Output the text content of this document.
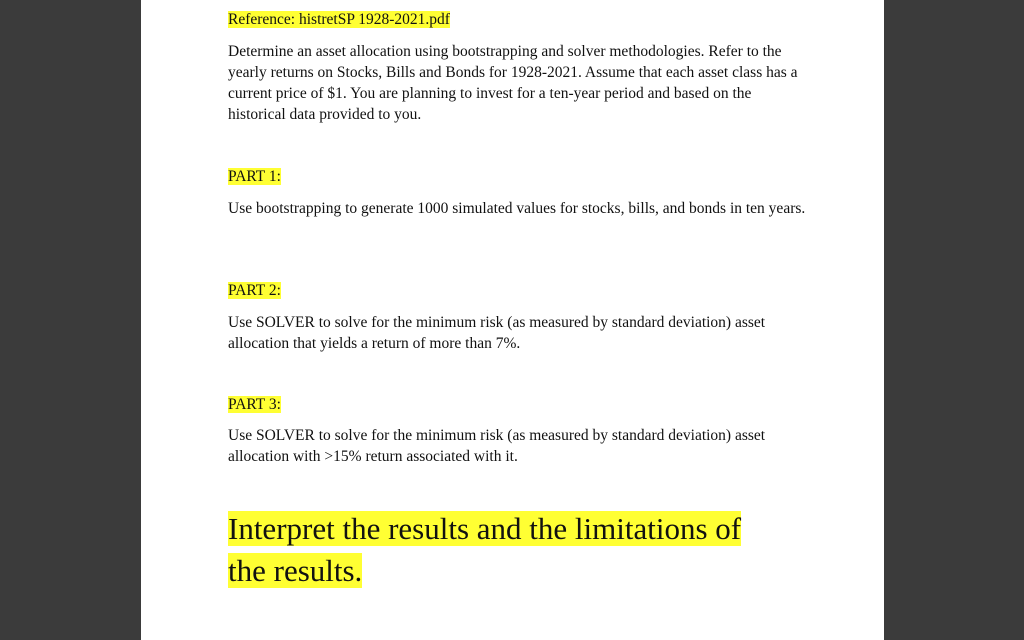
Reference: histretSP 1928-2021.pdf

Determine an asset allocation using bootstrapping and solver methodologies. Refer to the yearly returns on Stocks, Bills and Bonds for 1928-2021. Assume that each asset class has a current price of $1. You are planning to invest for a ten-year period and based on the historical data provided to you.

PART 1:

Use bootstrapping to generate 1000 simulated values for stocks, bills, and bonds in ten years.

PART 2:

Use SOLVER to solve for the minimum risk (as measured by standard deviation) asset allocation that yields a return of more than 7%.

PART 3:

Use SOLVER to solve for the minimum risk (as measured by standard deviation) asset allocation with >15% return associated with it.

Interpret the results and the limitations of
the results.
